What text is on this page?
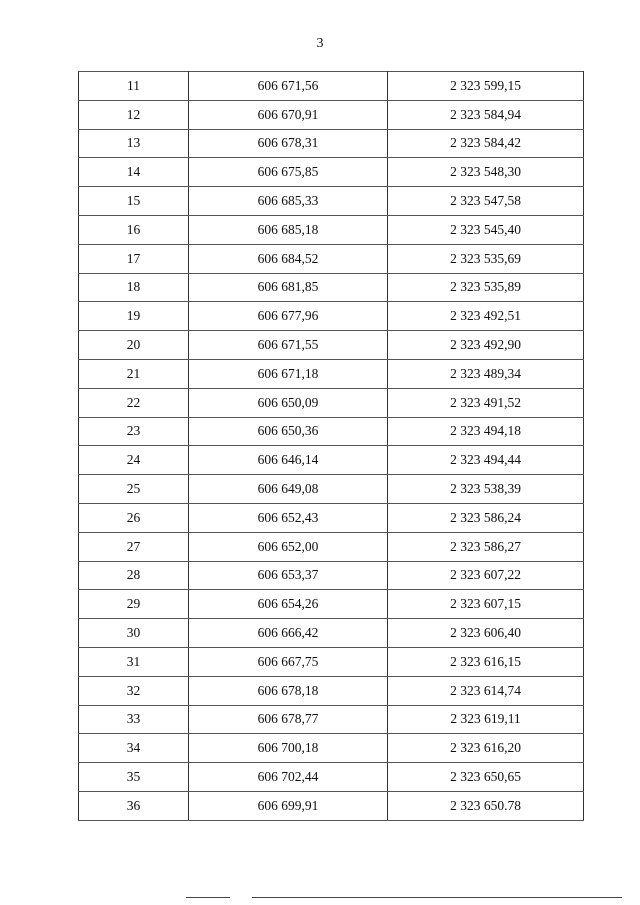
3
11	606 671,56	2 323 599,15
12	606 670,91	2 323 584,94
13	606 678,31	2 323 584,42
14	606 675,85	2 323 548,30
15	606 685,33	2 323 547,58
16	606 685,18	2 323 545,40
17	606 684,52	2 323 535,69
18	606 681,85	2 323 535,89
19	606 677,96	2 323 492,51
20	606 671,55	2 323 492,90
21	606 671,18	2 323 489,34
22	606 650,09	2 323 491,52
23	606 650,36	2 323 494,18
24	606 646,14	2 323 494,44
25	606 649,08	2 323 538,39
26	606 652,43	2 323 586,24
27	606 652,00	2 323 586,27
28	606 653,37	2 323 607,22
29	606 654,26	2 323 607,15
30	606 666,42	2 323 606,40
31	606 667,75	2 323 616,15
32	606 678,18	2 323 614,74
33	606 678,77	2 323 619,11
34	606 700,18	2 323 616,20
35	606 702,44	2 323 650,65
36	606 699,91	2 323 650.78
